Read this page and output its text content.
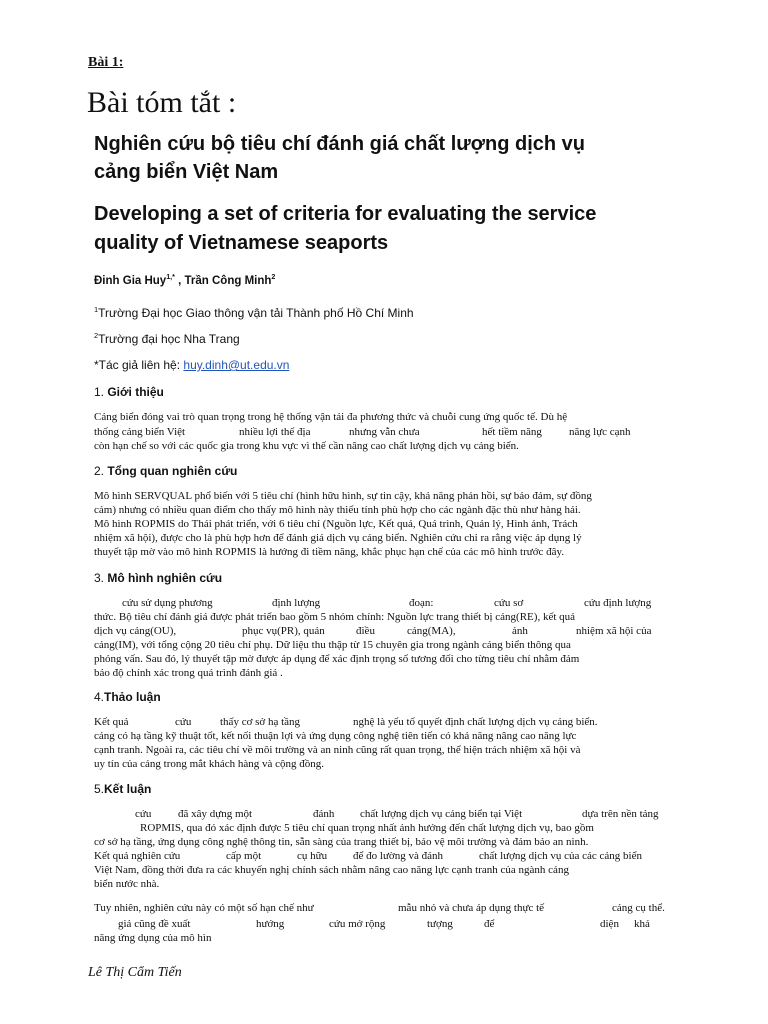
Bài 1:
Bài tóm tắt :
Nghiên cứu bộ tiêu chí đánh giá chất lượng dịch vụ
cảng biển Việt Nam
Developing a set of criteria for evaluating the service
quality of Vietnamese seaports
Đinh Gia Huy$^{1,*}$ , Trần Công Minh$^2$
$^1$Trường Đại học Giao thông vận tải Thành phố Hồ Chí Minh
$^2$Trường đại học Nha Trang
*Tác giả liên hệ: huy.dinh@ut.edu.vn
1. Giới thiệu
Cảng biển đóng vai trò quan trọng trong hệ thống vận tải đa phương thức và chuỗi cung ứng quốc tế. Dù hệ
thống cảng biển Việt	nhiều lợi thế địa	nhưng vẫn chưa	hết tiềm năng năng lực cạnh
còn hạn chế so với các quốc gia trong khu vực vì thế cần nâng cao chất lượng dịch vụ cảng biển.
2. Tổng quan nghiên cứu
Mô hình SERVQUAL phổ biến với 5 tiêu chí (hình hữu hình, sự tin cậy, khả năng phản hồi, sự bảo đảm, sự đồng
cảm) nhưng có nhiều quan điểm cho thấy mô hình này thiếu tính phù hợp cho các ngành đặc thù như hàng hải.
Mô hình ROPMIS do Thái phát triển, với 6 tiêu chí (Nguồn lực, Kết quả, Quá trình, Quản lý, Hình ảnh, Trách
nhiệm xã hội), được cho là phù hợp hơn để đánh giá dịch vụ cảng biển. Nghiên cứu chỉ ra rằng việc áp dụng lý
thuyết tập mờ vào mô hình ROPMIS là hướng đi tiềm năng, khắc phục hạn chế của các mô hình trước đây.
3. Mô hình nghiên cứu
cứu sử dụng phương	định lượng	đoạn:	cứu sơ	cứu định lượng
thức. Bộ tiêu chí đánh giá được phát triển bao gồm 5 nhóm chính: Nguồn lực trang thiết bị cảng(RE), kết quả
dịch vụ cảng(OU),	phục vụ(PR), quản	điều	cảng(MA),	ảnh	nhiệm xã hội của
cảng(IM), với tổng cộng 20 tiêu chí phụ. Dữ liệu thu thập từ 15 chuyên gia trong ngành cảng biển thông qua
phỏng vấn. Sau đó, lý thuyết tập mờ được áp dụng để xác định trọng số tương đối cho từng tiêu chí nhằm đảm
bảo độ chính xác trong quá trình đánh giá .
4.Thảo luận
Kết quả	cứu	thấy cơ sở hạ tầng	nghệ là yếu tố quyết định chất lượng dịch vụ cảng biển.
cảng có hạ tầng kỹ thuật tốt, kết nối thuận lợi và ứng dụng công nghệ tiên tiến có khả năng nâng cao năng lực
cạnh tranh. Ngoài ra, các tiêu chí về môi trường và an ninh cũng rất quan trọng, thể hiện trách nhiệm xã hội và
uy tín của cảng trong mắt khách hàng và cộng đồng.
5.Kết luận
cứu đã xây dựng một	đánh chất lượng dịch vụ cảng biển tại Việt	dựa trên nền tảng
ROPMIS, qua đó xác định được 5 tiêu chí quan trọng nhất ảnh hưởng đến chất lượng dịch vụ, bao gồm
cơ sở hạ tầng, ứng dụng công nghệ thông tin, sẵn sàng của trang thiết bị, bảo vệ môi trường và đảm bảo an ninh.
Kết quả nghiên cứu	cấp một	cụ hữu để đo lường và đánh	chất lượng dịch vụ của các cảng biển
Việt Nam, đồng thời đưa ra các khuyến nghị chính sách nhằm nâng cao năng lực cạnh tranh của ngành cảng
biển nước nhà.
Tuy nhiên, nghiên cứu này có một số hạn chế như	mẫu nhỏ và chưa áp dụng thực tế	cảng cụ thể.
giả cũng đề xuất	hướng	cứu mở rộng	tượng	để	diện khả
năng ứng dụng của mô hìn
Lê Thị Cẩm Tiến
